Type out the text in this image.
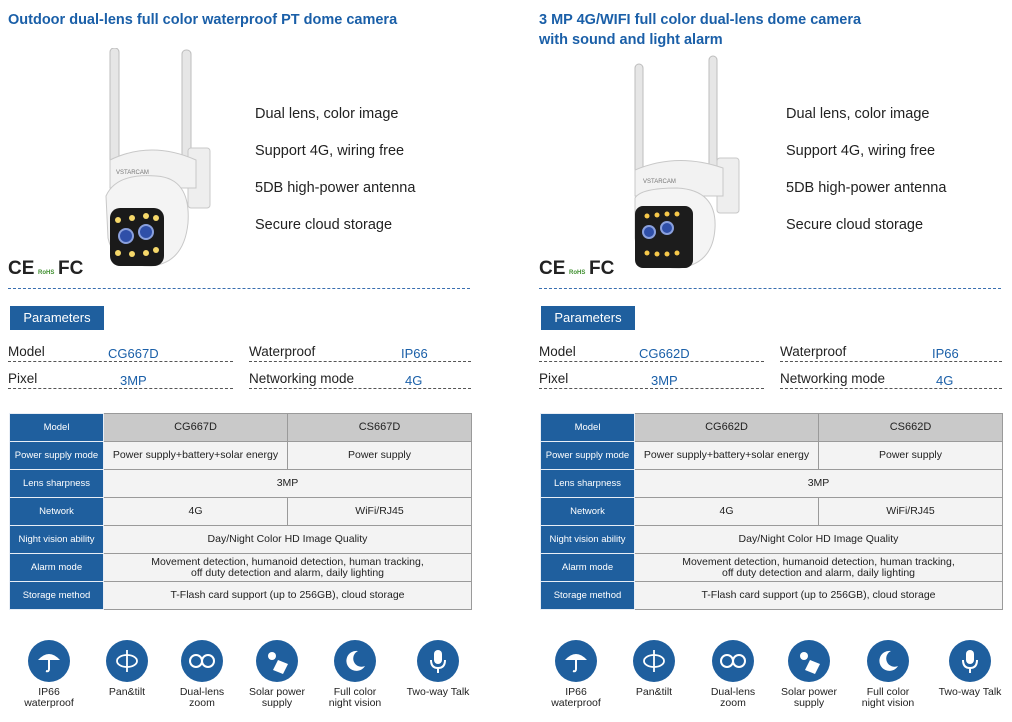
Outdoor dual-lens full color waterproof PT dome camera
VSTARCAM
Dual lens, color image
Support 4G, wiring free
5DB high-power antenna
Secure cloud storage
CE RoHS FC
Parameters
Model	CG667D	Waterproof	IP66
Pixel	3MP	Networking mode	4G
Model	CG667D	CS667D
Power supply mode	Power supply+battery+solar energy	Power supply
Lens sharpness	3MP	
Network	4G	WiFi/RJ45
Night vision ability	Day/Night Color HD Image Quality	
Alarm mode	Movement detection, humanoid detection, human tracking,
off duty detection and alarm, daily lighting	
Storage method	T-Flash card support (up to 256GB), cloud storage	
IP66
waterproof
Pan&tilt	Dual-lens
zoom
Solar power
supply
Full color
night vision
Two-way Talk
3 MP 4G/WIFI full color dual-lens dome camera
with sound and light alarm
VSTARCAM
Dual lens, color image
Support 4G, wiring free
5DB high-power antenna
Secure cloud storage
CE RoHS FC
Parameters
Model	CG662D	Waterproof	IP66
Pixel	3MP	Networking mode	4G
Model	CG662D	CS662D
Power supply mode	Power supply+battery+solar energy	Power supply
Lens sharpness	3MP	
Network	4G	WiFi/RJ45
Night vision ability	Day/Night Color HD Image Quality	
Alarm mode	Movement detection, humanoid detection, human tracking,
off duty detection and alarm, daily lighting	
Storage method	T-Flash card support (up to 256GB), cloud storage	
IP66
waterproof
Pan&tilt	Dual-lens
zoom
Solar power
supply
Full color
night vision
Two-way Talk
